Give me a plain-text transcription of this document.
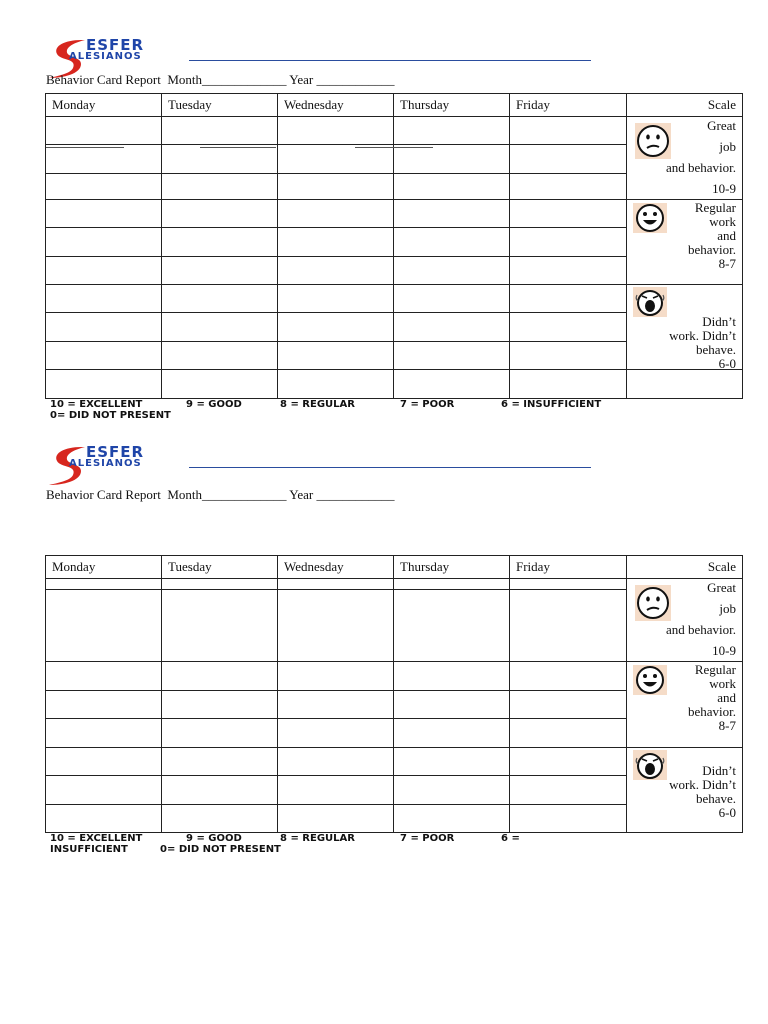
ESFER
ALESIANOS
Behavior Card Report Month_____________ Year ____________
Monday	Tuesday	Wednesday	Thursday	Friday	Scale

					Great
job
and behavior.
10-9

					Regular
work
and
behavior.
8-7

					Didn’t
work. Didn’t
behave.
6-0

10 = EXCELLENT	9 = GOOD	8 = REGULAR	7 = POOR	6 = INSUFFICIENT
0= DID NOT PRESENT
ESFER
ALESIANOS
Behavior Card Report Month_____________ Year ____________
Monday	Tuesday	Wednesday	Thursday	Friday	Scale

					Great
job
and behavior.
10-9

					Regular
work
and
behavior.
8-7

					Didn’t
work. Didn’t
behave.
6-0

10 = EXCELLENT	9 = GOOD	8 = REGULAR	7 = POOR	6 =
INSUFFICIENT	0= DID NOT PRESENT
